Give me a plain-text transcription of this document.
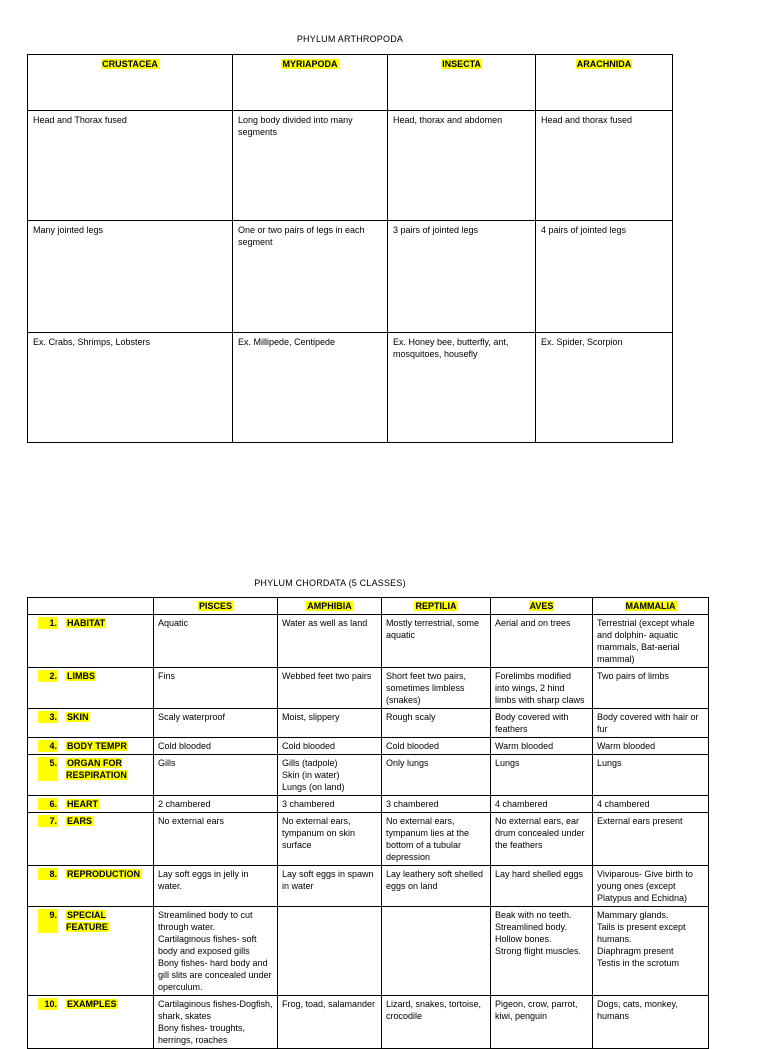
PHYLUM ARTHROPODA
CRUSTACEA	MYRIAPODA	INSECTA	ARACHNIDA
Head and Thorax fused	Long body divided into many segments	Head, thorax and abdomen	Head and thorax fused
Many jointed legs	One or two pairs of legs in each segment	3 pairs of jointed legs	4 pairs of jointed legs
Ex. Crabs, Shrimps, Lobsters	Ex. Millipede, Centipede	Ex. Honey bee, butterfly, ant, mosquitoes, housefly	Ex. Spider, Scorpion
PHYLUM CHORDATA (5 CLASSES)
	PISCES	AMPHIBIA	REPTILIA	AVES	MAMMALIA

1. HABITAT	Aquatic	Water as well as land	Mostly terrestrial, some aquatic	Aerial and on trees	Terrestrial (except whale and dolphin- aquatic mammals, Bat-aerial mammal)

2. LIMBS	Fins	Webbed feet two pairs	Short feet two pairs, sometimes limbless (snakes)	Forelimbs modified into wings, 2 hind limbs with sharp claws	Two pairs of limbs

3. SKIN	Scaly waterproof	Moist, slippery	Rough scaly	Body covered with feathers	Body covered with hair or fur

4. BODY TEMPR	Cold blooded	Cold blooded	Cold blooded	Warm blooded	Warm blooded

5. ORGAN FOR RESPIRATION	Gills	Gills (tadpole)
Skin (in water)
Lungs (on land)	Only lungs	Lungs	Lungs

6. HEART	2 chambered	3 chambered	3 chambered	4 chambered	4 chambered

7. EARS	No external ears	No external ears, tympanum on skin surface	No external ears, tympanum lies at the bottom of a tubular depression	No external ears, ear drum concealed under the feathers	External ears present

8. REPRODUCTION	Lay soft eggs in jelly in water.	Lay soft eggs in spawn in water	Lay leathery soft shelled eggs on land	Lay hard shelled eggs	Viviparous- Give birth to young ones (except Platypus and Echidna)

9. SPECIAL FEATURE	Streamlined body to cut through water.
Cartilaginous fishes- soft body and exposed gills
Bony fishes- hard body and gill slits are concealed under operculum.			Beak with no teeth.
Streamlined body.
Hollow bones.
Strong flight muscles.	Mammary glands.
Tails is present except humans.
Diaphragm present
Testis in the scrotum

10. EXAMPLES	Cartilaginous fishes-Dogfish, shark, skates
Bony fishes- troughts, herrings, roaches	Frog, toad, salamander	Lizard, snakes, tortoise, crocodile	Pigeon, crow, parrot, kiwi, penguin	Dogs, cats, monkey, humans
